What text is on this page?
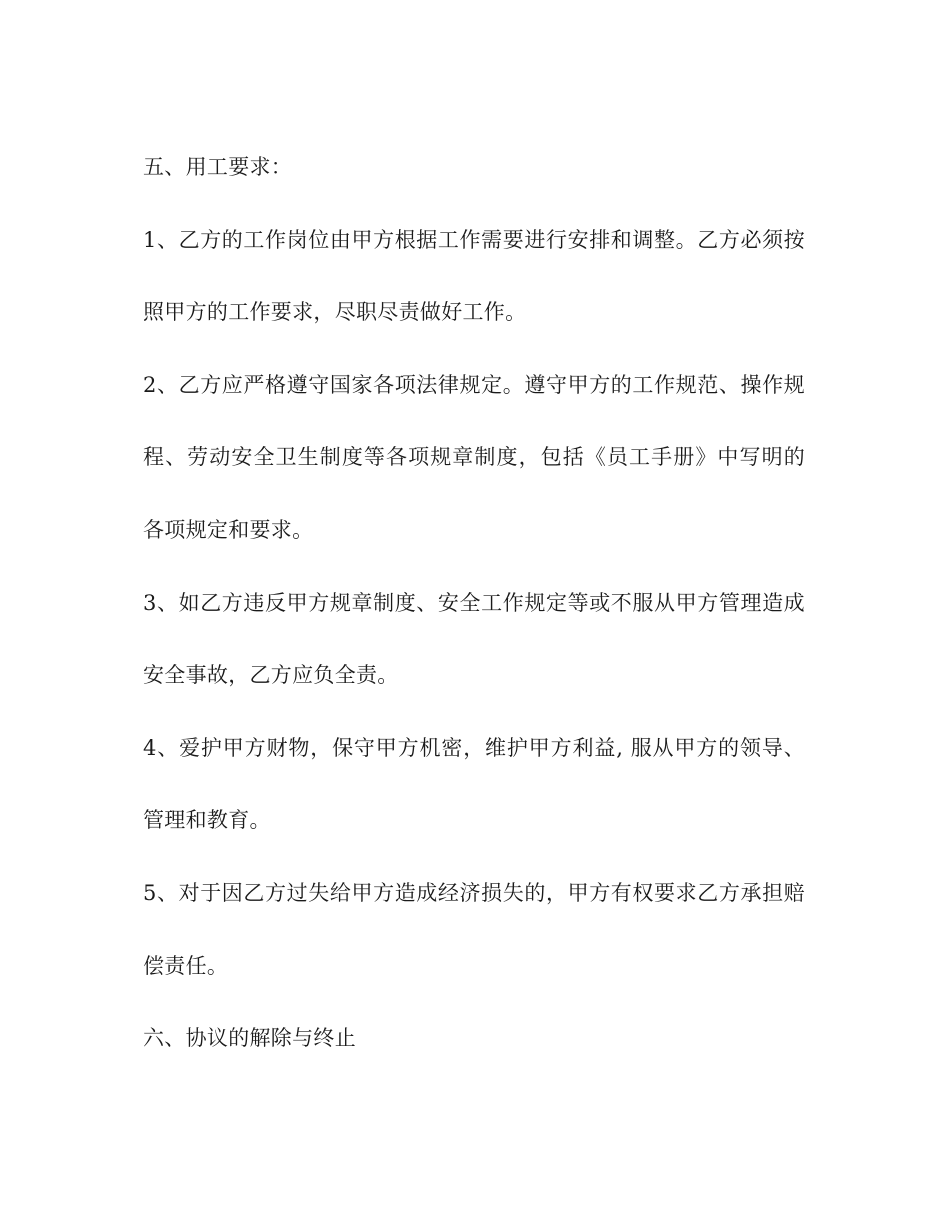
五、用工要求：
1、乙方的工作岗位由甲方根据工作需要进行安排和调整。乙方必须按
照甲方的工作要求，尽职尽责做好工作。
2、乙方应严格遵守国家各项法律规定。遵守甲方的工作规范、操作规
程、劳动安全卫生制度等各项规章制度，包括《员工手册》中写明的
各项规定和要求。
3、如乙方违反甲方规章制度、安全工作规定等或不服从甲方管理造成
安全事故，乙方应负全责。
4、爱护甲方财物，保守甲方机密，维护甲方利益, 服从甲方的领导、
管理和教育。
5、对于因乙方过失给甲方造成经济损失的，甲方有权要求乙方承担赔
偿责任。
六、协议的解除与终止
